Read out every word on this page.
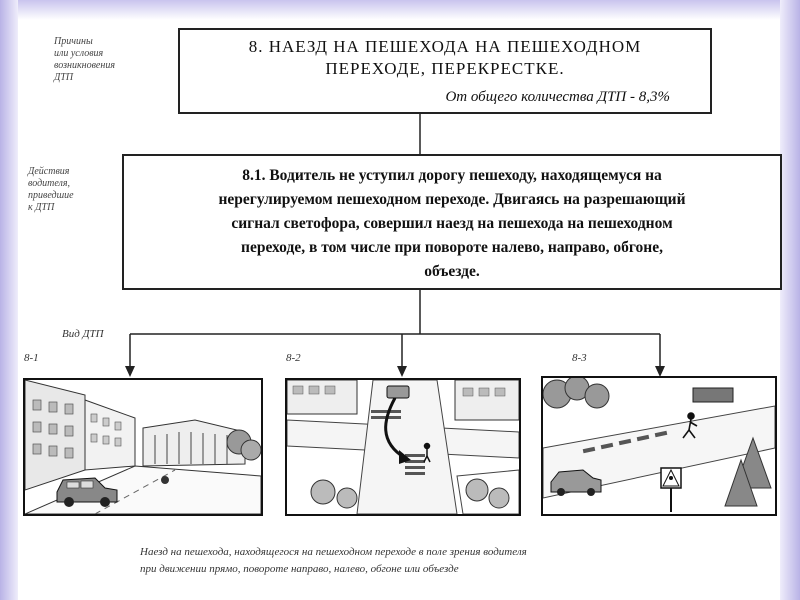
Причины
или условия
возникновения
ДТП
Действия
водителя,
приведшие
к ДТП
8. НАЕЗД НА ПЕШЕХОДА НА ПЕШЕХОДНОМ
ПЕРЕХОДЕ, ПЕРЕКРЕСТКЕ.
От общего количества ДТП - 8,3%
8.1. Водитель не уступил дорогу пешеходу, находящемуся на
нерегулируемом пешеходном переходе. Двигаясь на разрешающий
сигнал светофора, совершил наезд на пешехода на пешеходном
переходе, в том числе при повороте налево, направо, обгоне,
объезде.
Вид ДТП
8-1	8-2	8-3
Наезд на пешехода, находящегося на пешеходном переходе в поле зрения водителя
при движении прямо, повороте направо, налево, обгоне или объезде
